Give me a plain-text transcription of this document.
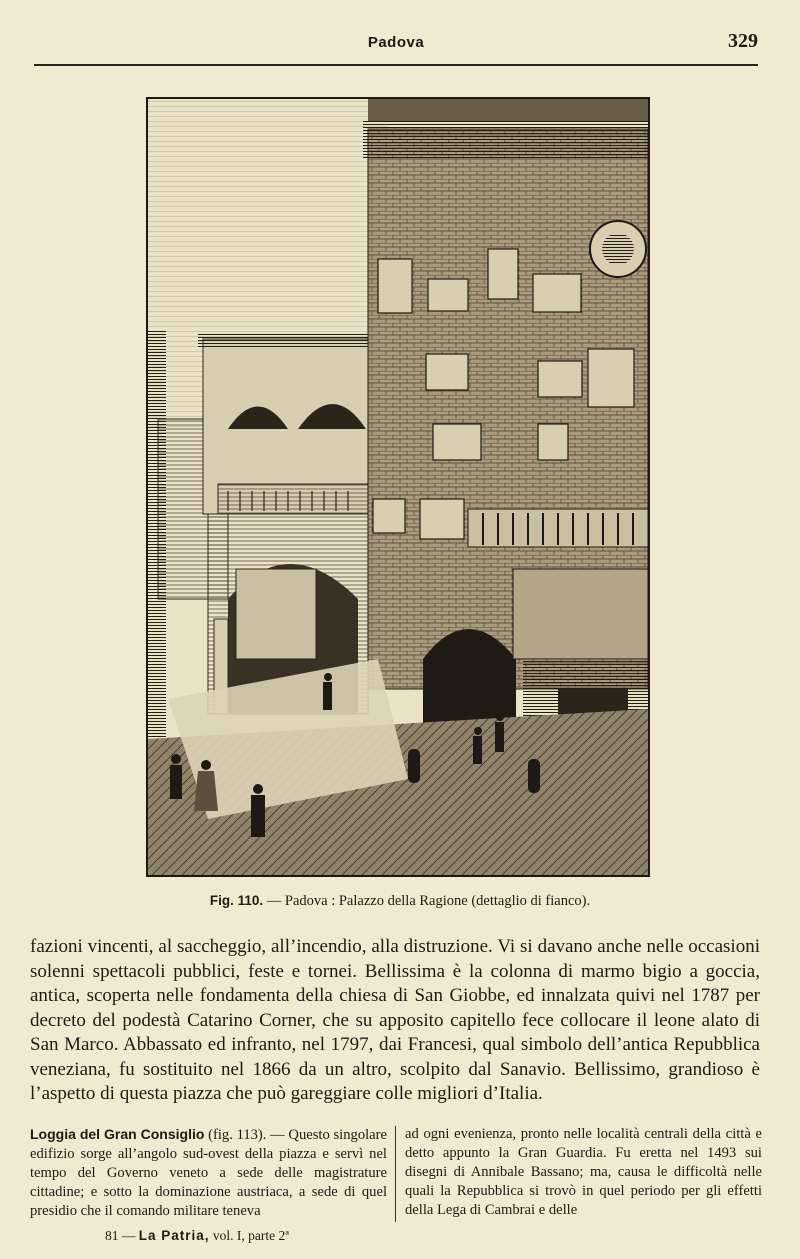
Padova	329
Fig. 110. — Padova : Palazzo della Ragione (dettaglio di fianco).

fazioni vincenti, al saccheggio, all’incendio, alla distruzione. Vi si davano anche nelle occasioni solenni spettacoli pubblici, feste e tornei. Bellissima è la colonna di marmo bigio a goccia, antica, scoperta nelle fondamenta della chiesa di San Giobbe, ed innalzata quivi nel 1787 per decreto del podestà Catarino Corner, che su apposito capitello fece collocare il leone alato di San Marco. Abbassato ed infranto, nel 1797, dai Francesi, qual simbolo dell’antica Repubblica veneziana, fu sostituito nel 1866 da un altro, scolpito dal Sanavio. Bellissimo, grandioso è l’aspetto di questa piazza che può gareggiare colle migliori d’Italia.

Loggia del Gran Consiglio (fig. 113). — Questo singolare edifizio sorge all’angolo sud-ovest della piazza e servì nel tempo del Governo veneto a sede delle magistrature cittadine; e sotto la dominazione austriaca, a sede di quel presidio che il comando militare teneva

ad ogni evenienza, pronto nelle località centrali della città e detto appunto la Gran Guardia. Fu eretta nel 1493 sui disegni di Annibale Bassano; ma, causa le difficoltà nelle quali la Repubblica si trovò in quel periodo per gli effetti della Lega di Cambrai e delle

81 — La Patria, vol. I, parte 2ª
